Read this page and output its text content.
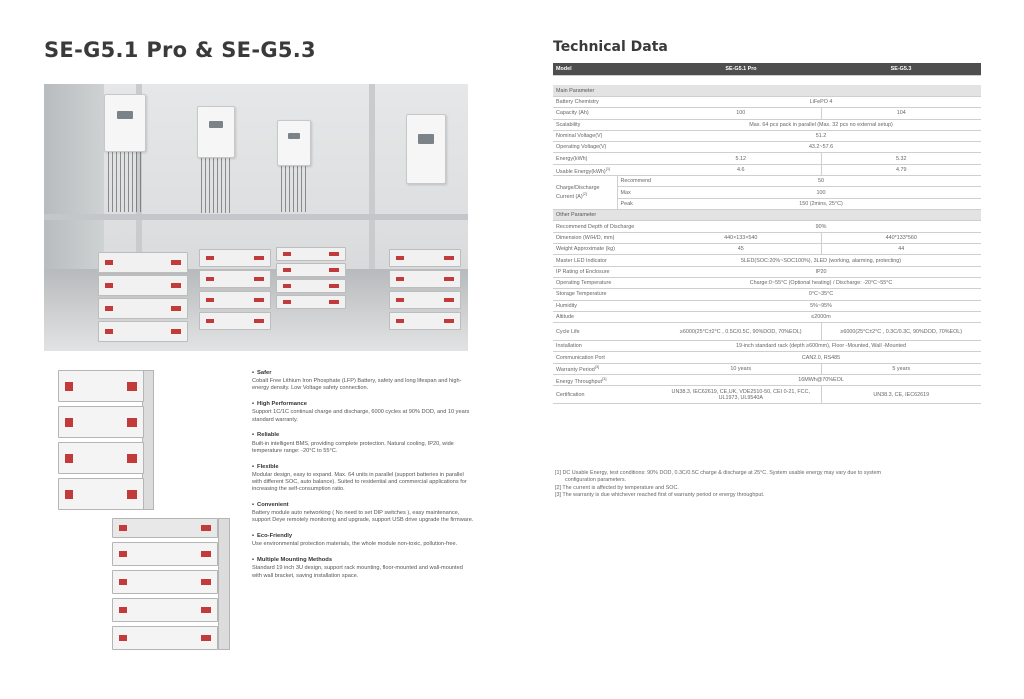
SE-G5.1 Pro & SE-G5.3
• Safer

Cobalt Free Lithium Iron Phosphate (LFP) Battery, safety and long lifespan and high-energy density. Low Voltage safety connection.

• High Performance

Support 1C/1C continual charge and discharge, 6000 cycles at 90% DOD, and 10 years standard warranty.

• Reliable

Built-in intelligent BMS, providing complete protection. Natural cooling, IP20, wide temperature range: -20°C to 55°C.

• Flexible

Modular design, easy to expand. Max. 64 units in parallel (support batteries in parallel with different SOC, auto balance). Suited to residential and commercial applications for increasing the self-consumption ratio.

• Convenient

Battery module auto networking ( No need to set DIP switches ), easy maintenance, support Deye remotely monitoring and upgrade, support USB drive upgrade the firmware.

• Eco-Friendly

Use environmental protection materials, the whole module non-toxic, pollution-free.

• Multiple Mounting Methods

Standard 19 inch 3U design, support rack mounting, floor-mounted and wall-mounted with wall bracket, saving installation space.

Technical Data
Model		SE-G5.1 Pro	SE-G5.3

Main Parameter			
Battery Chemistry		LiFePO 4	
Capacity (Ah)		100	104
Scalability		Max. 64 pcs pack in parallel (Max. 32 pcs no external setup)	
Nominal Voltage(V)		51.2	
Operating Voltage(V)		43.2~57.6	
Energy(kWh)		5.12	5.32
Usable Energy(kWh)[1]		4.6	4.79
Charge/Discharge Current (A)[2]	Recommend	50	
	Max	100	
	Peak	150 (2mins, 25°C)	
Other Parameter			
Recommend Depth of Discharge		90%	
Dimension (W/H/D, mm)		440×133×540	440*133*560
Weight Approximate (kg)		45	44
Master LED Indicator		5LED(SOC:20%~SOC100%), 3LED (working, alarming, protecting)	
IP Rating of Enclosure		IP20	
Operating Temperature		Charge:0~55°C (Optional heating) / Discharge: -20°C~55°C	
Storage Temperature		0°C~35°C	
Humidity		5%~95%	
Altitude		≤2000m	
Cycle Life		≥6000(25°C±2°C , 0.5C/0.5C, 90%DOD, 70%EOL)	≥6000(25°C±2°C , 0.3C/0.3C, 90%DOD, 70%EOL)
Installation		19-inch standard rack (depth ≥600mm), Floor -Mounted, Wall -Mounted	
Communication Port		CAN2.0, RS485	
Warranty Period[3]		10 years	5 years
Energy Throughput[3]		16MWh@70%EOL	
Certification		UN38.3, IEC62619, CE,UK, VDE2510-50, CEI 0-21, FCC, UL1973, UL9540A	UN38.3, CE, IEC62619

[1] DC Usable Energy, test conditions: 90% DOD, 0.3C/0.5C charge & discharge at 25°C. System usable energy may vary due to system

configuration parameters.

[2] The current is affected by temperature and SOC.

[3] The warranty is due whichever reached first of warranty period or energy throughput.
